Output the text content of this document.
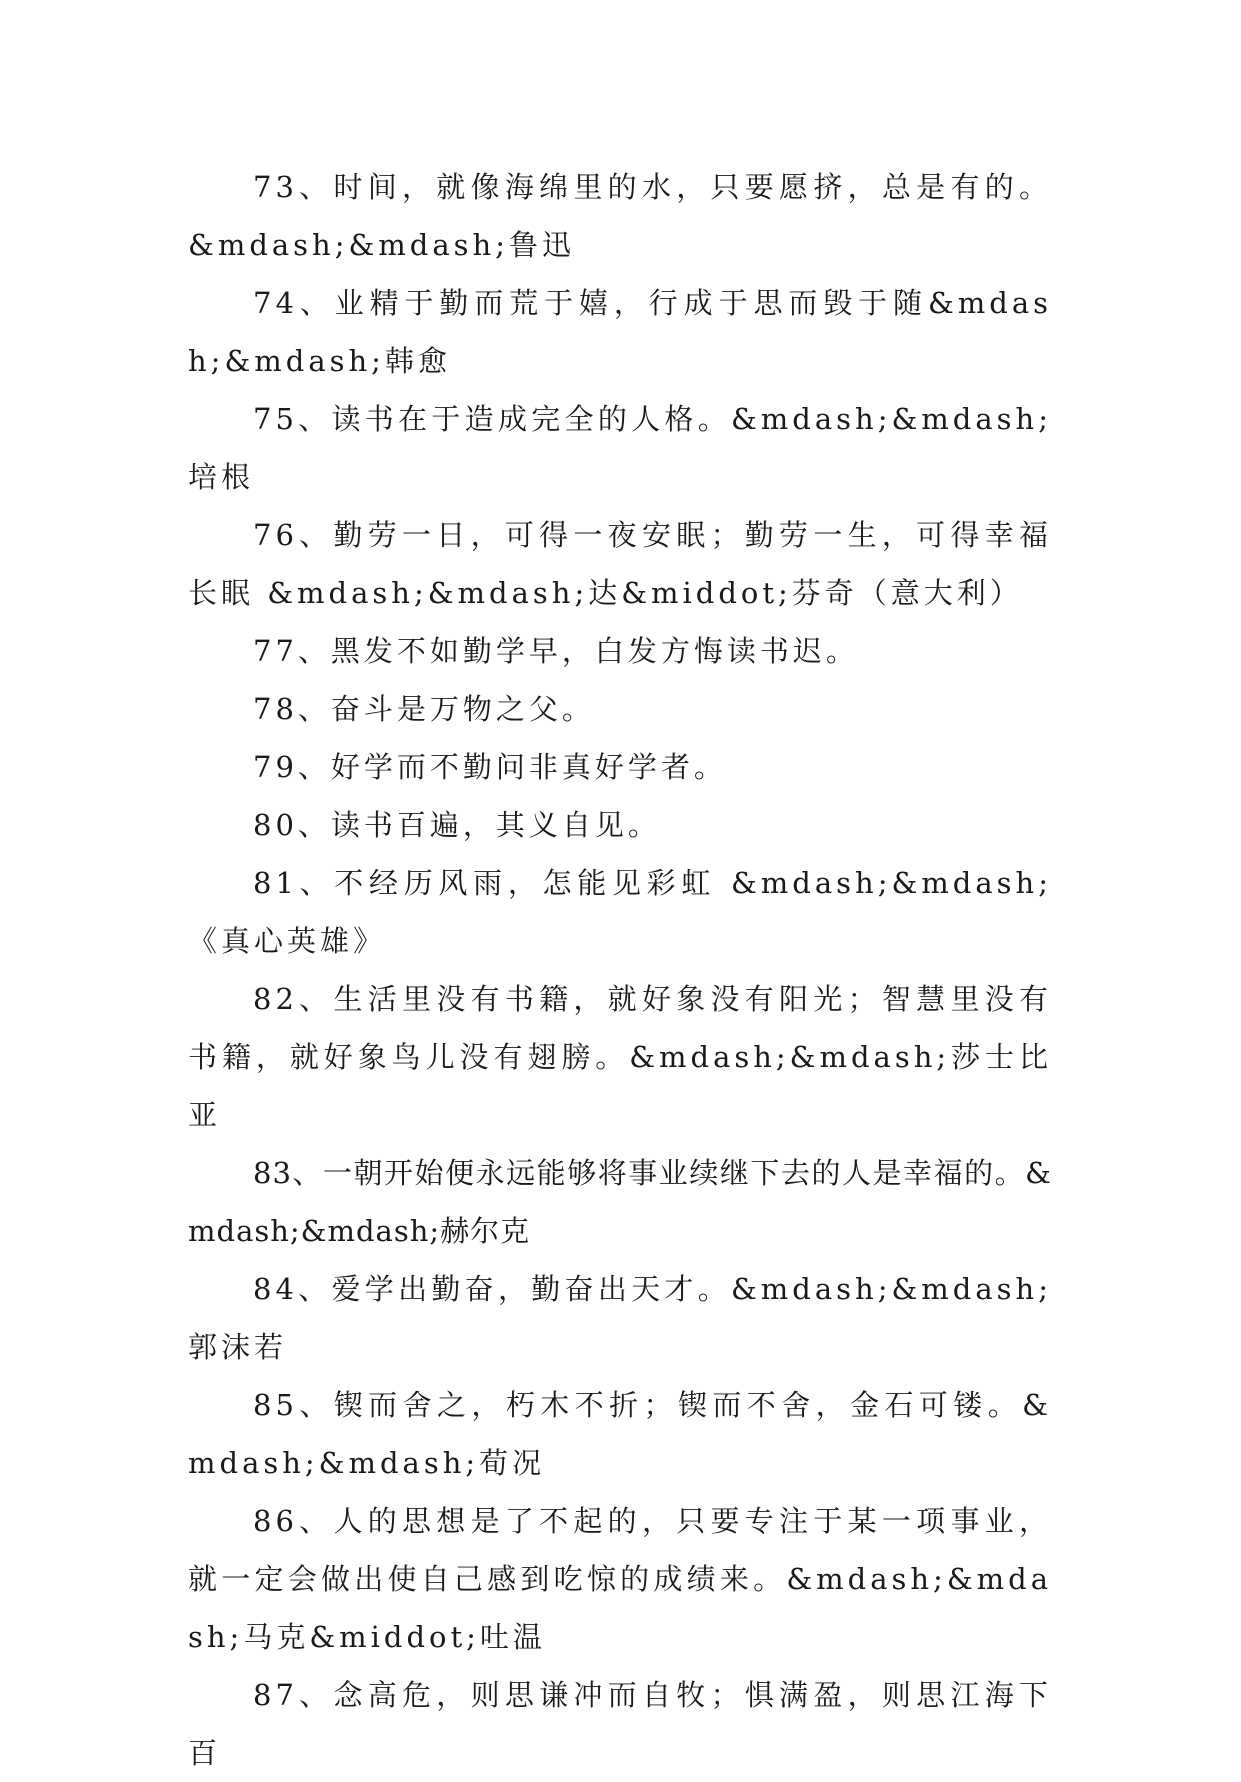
73、时间，就像海绵里的水，只要愿挤，总是有的。&mdash;&mdash;鲁迅

74、业精于勤而荒于嬉，行成于思而毁于随&mdash;&mdash;韩愈

75、读书在于造成完全的人格。&mdash;&mdash;培根

76、勤劳一日，可得一夜安眠；勤劳一生，可得幸福长眠 &mdash;&mdash;达&middot;芬奇（意大利）

77、黑发不如勤学早，白发方悔读书迟。

78、奋斗是万物之父。

79、好学而不勤问非真好学者。

80、读书百遍，其义自见。

81、不经历风雨，怎能见彩虹 &mdash;&mdash;《真心英雄》

82、生活里没有书籍，就好象没有阳光；智慧里没有书籍，就好象鸟儿没有翅膀。&mdash;&mdash;莎士比亚

83、一朝开始便永远能够将事业续继下去的人是幸福的。&mdash;&mdash;赫尔克

84、爱学出勤奋，勤奋出天才。&mdash;&mdash;郭沫若

85、锲而舍之，朽木不折；锲而不舍，金石可镂。&mdash;&mdash;荀况

86、人的思想是了不起的，只要专注于某一项事业，就一定会做出使自己感到吃惊的成绩来。&mdash;&mdash;马克&middot;吐温

87、念高危，则思谦冲而自牧；惧满盈，则思江海下百
